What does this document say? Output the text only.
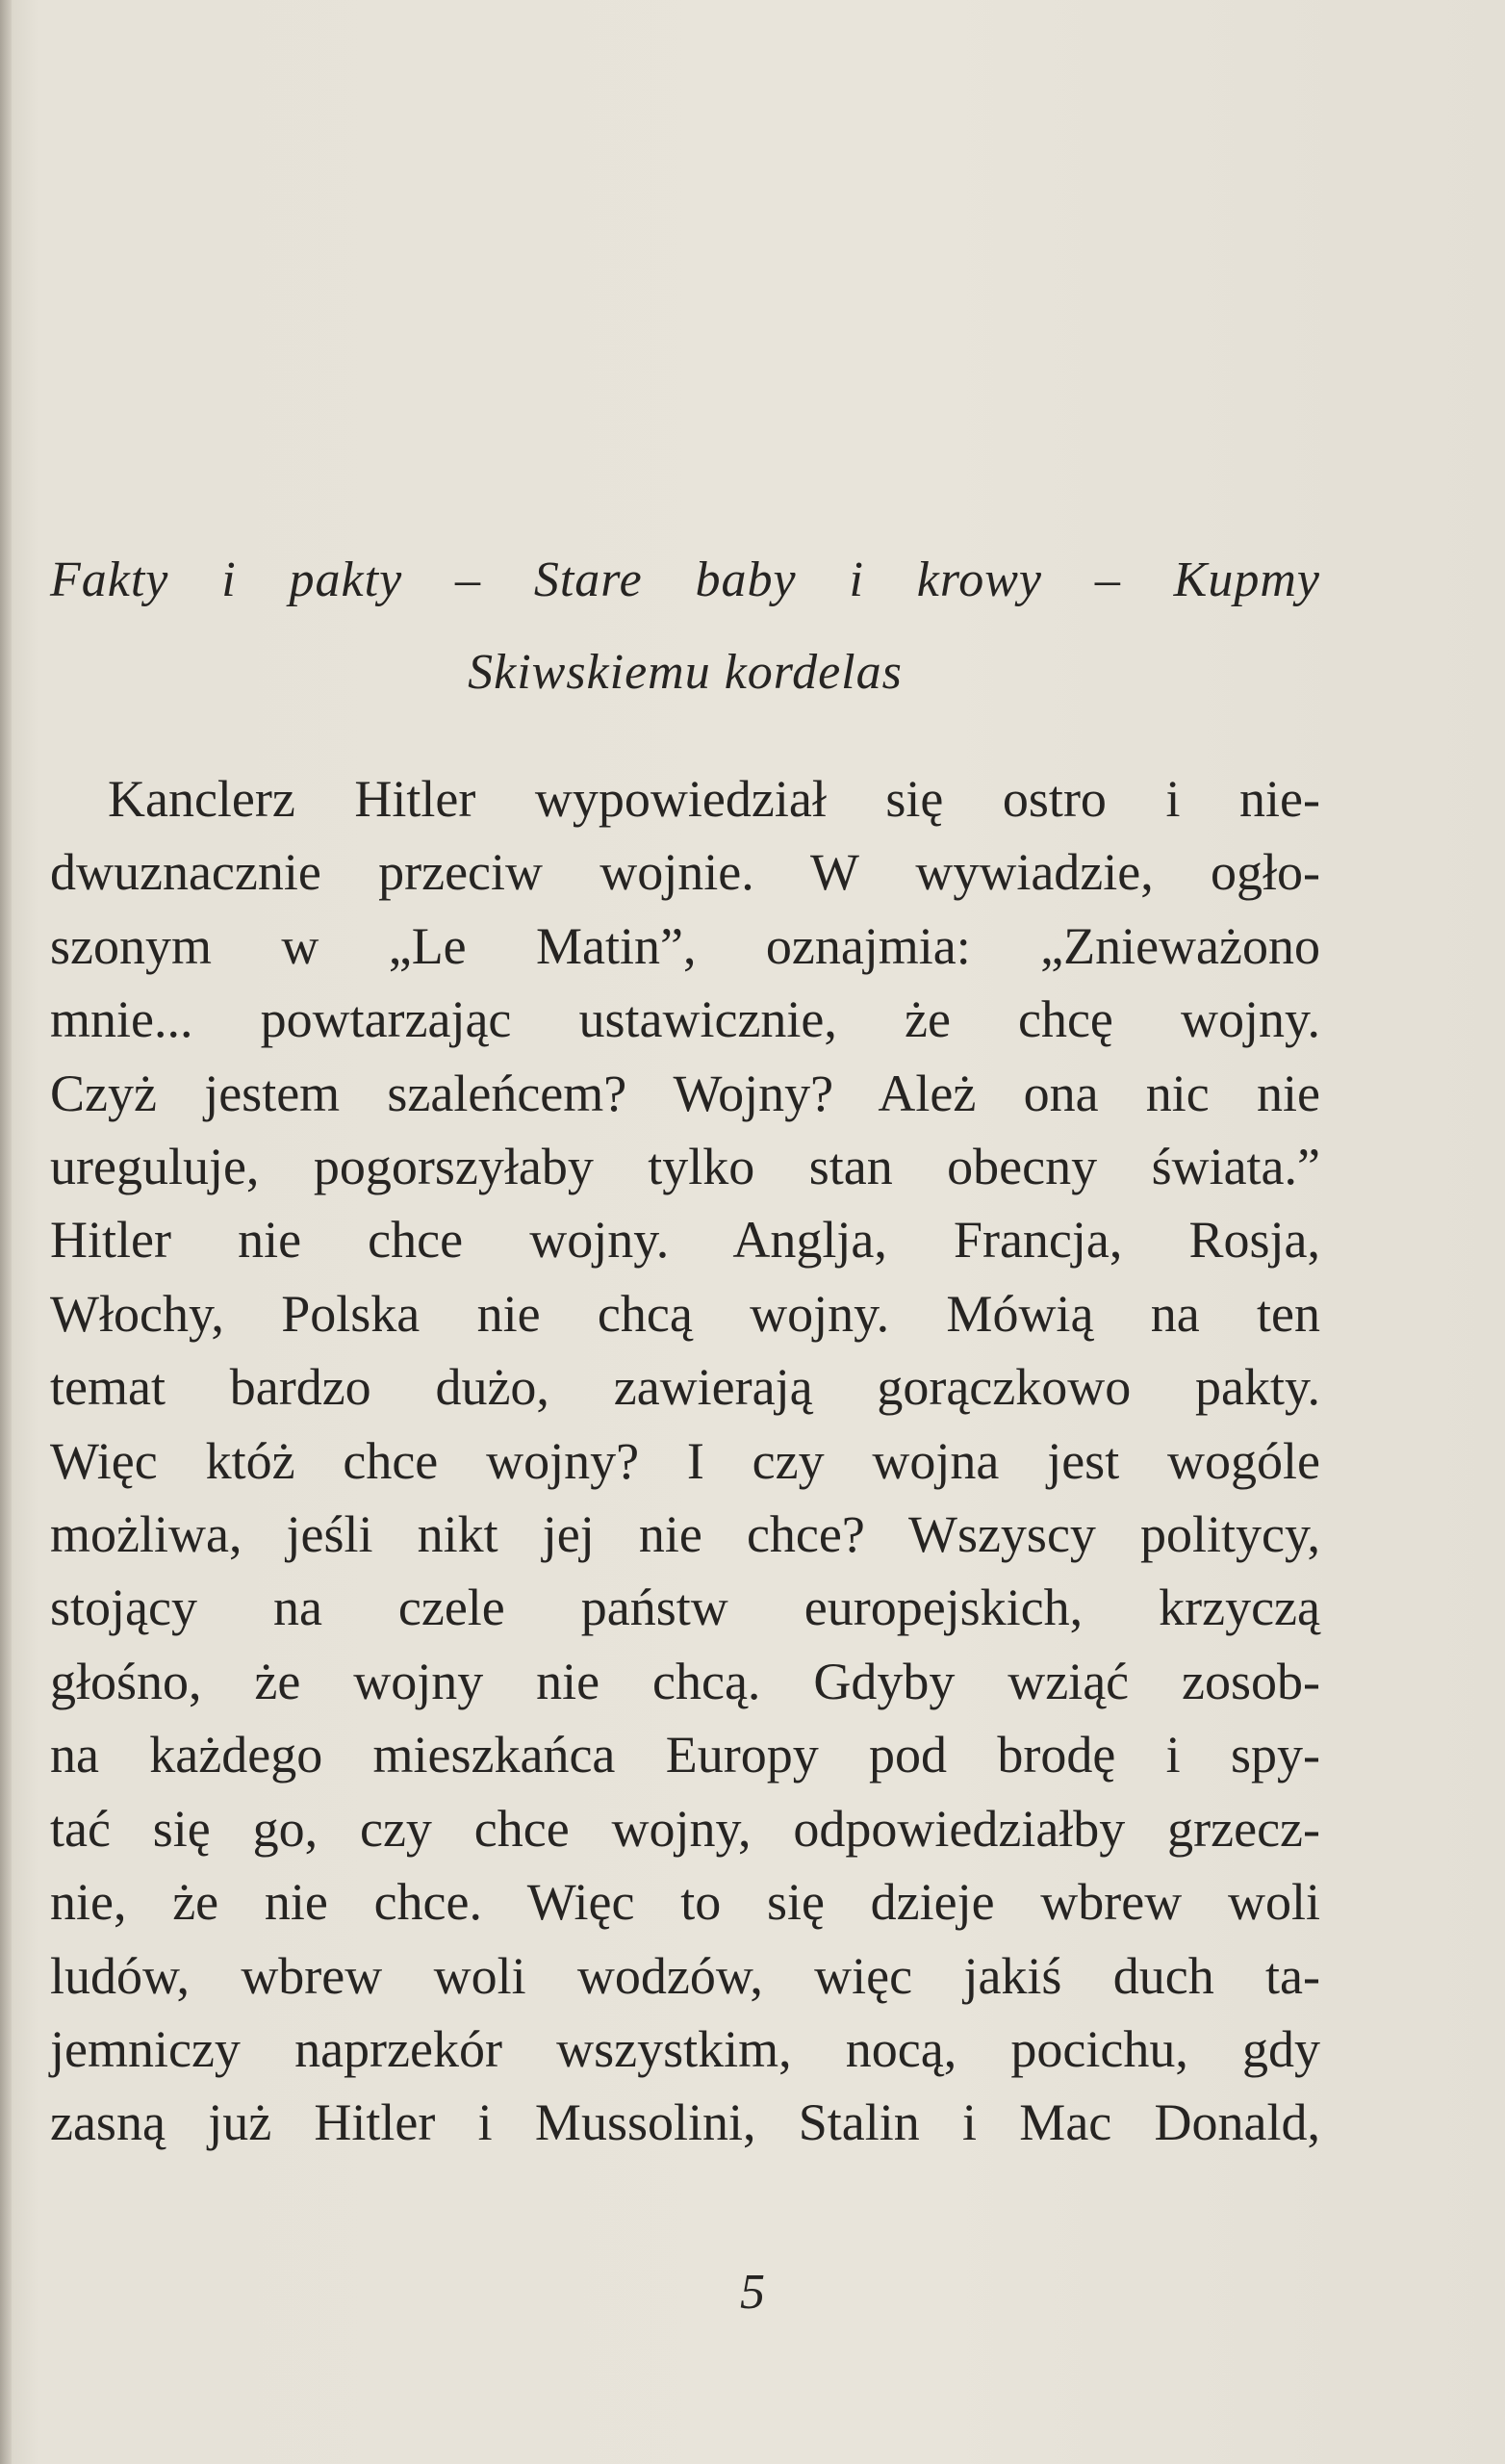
Fakty i pakty – Stare baby i krowy – Kupmy
Skiwskiemu kordelas
Kanclerz Hitler wypowiedział się ostro i nie-
dwuznacznie przeciw wojnie. W wywiadzie, ogło-
szonym w „Le Matin”, oznajmia: „Znieważono
mnie... powtarzając ustawicznie, że chcę wojny.
Czyż jestem szaleńcem? Wojny? Ależ ona nic nie
ureguluje, pogorszyłaby tylko stan obecny świata.”
Hitler nie chce wojny. Anglja, Francja, Rosja,
Włochy, Polska nie chcą wojny. Mówią na ten
temat bardzo dużo, zawierają gorączkowo pakty.
Więc któż chce wojny? I czy wojna jest wogóle
możliwa, jeśli nikt jej nie chce? Wszyscy politycy,
stojący na czele państw europejskich, krzyczą
głośno, że wojny nie chcą. Gdyby wziąć zosob-
na każdego mieszkańca Europy pod brodę i spy-
tać się go, czy chce wojny, odpowiedziałby grzecz-
nie, że nie chce. Więc to się dzieje wbrew woli
ludów, wbrew woli wodzów, więc jakiś duch ta-
jemniczy naprzekór wszystkim, nocą, pocichu, gdy
zasną już Hitler i Mussolini, Stalin i Mac Donald,
5
